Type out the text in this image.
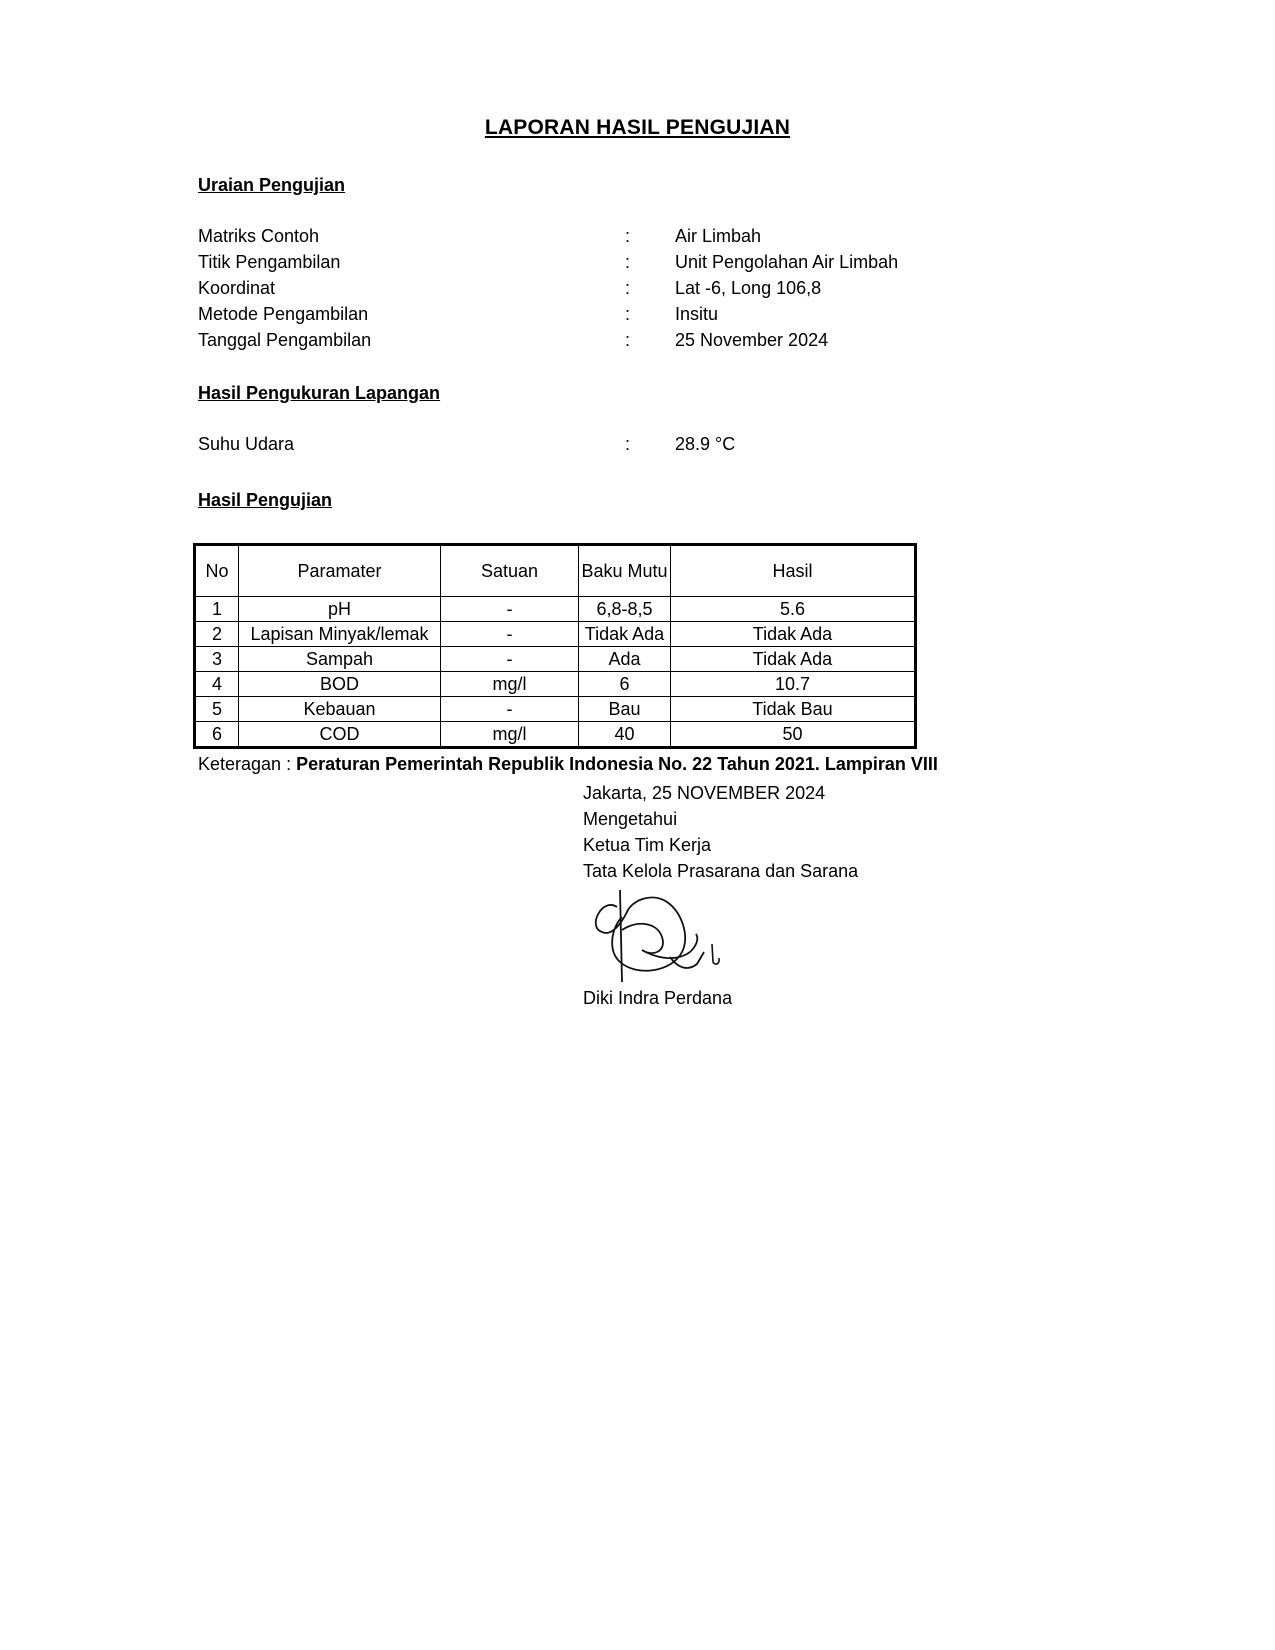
LAPORAN HASIL PENGUJIAN
Uraian Pengujian
Matriks Contoh	: Air Limbah
Titik Pengambilan	: Unit Pengolahan Air Limbah
Koordinat	: Lat -6, Long 106,8
Metode Pengambilan	: Insitu
Tanggal Pengambilan	: 25 November 2024
Hasil Pengukuran Lapangan
Suhu Udara	: 28.9 °C
Hasil Pengujian
No	Paramater	Satuan	Baku Mutu	Hasil
1	pH	-	6,8-8,5	5.6
2	Lapisan Minyak/lemak	-	Tidak Ada	Tidak Ada
3	Sampah	-	Ada	Tidak Ada
4	BOD	mg/l	6	10.7
5	Kebauan	-	Bau	Tidak Bau
6	COD	mg/l	40	50
Keteragan : Peraturan Pemerintah Republik Indonesia No. 22 Tahun 2021. Lampiran VIII
Jakarta, 25 NOVEMBER 2024
Mengetahui
Ketua Tim Kerja
Tata Kelola Prasarana dan Sarana
Diki Indra Perdana
